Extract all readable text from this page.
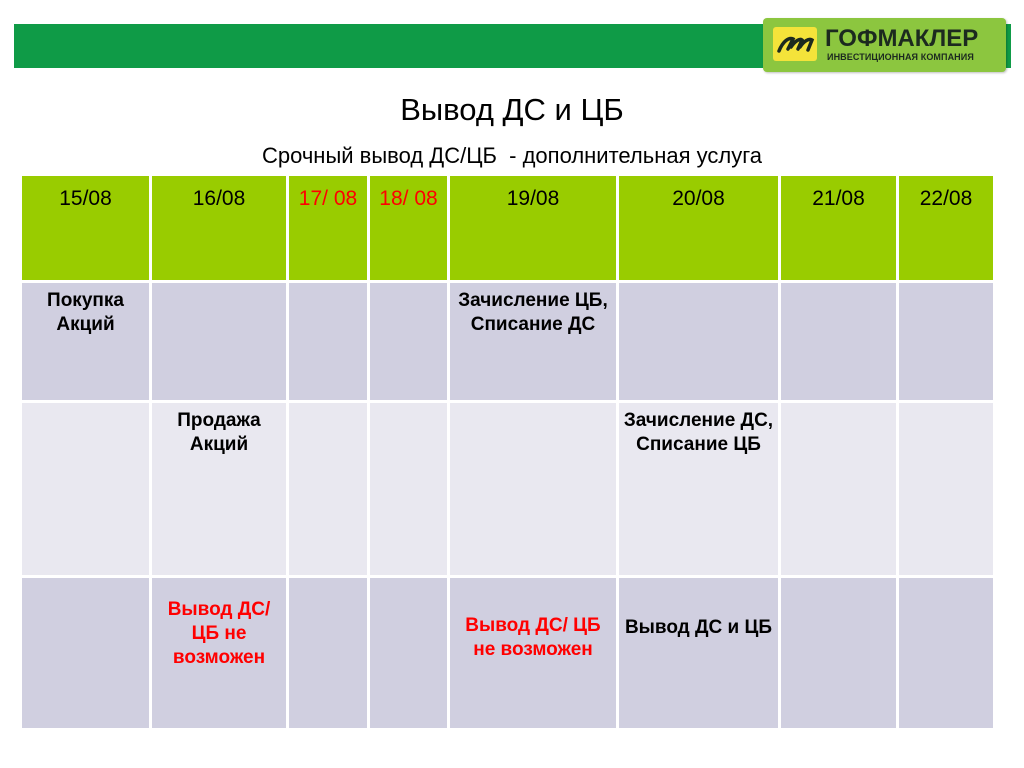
ГОФМАКЛЕР
ИНВЕСТИЦИОННАЯ КОМПАНИЯ
Вывод ДС и ЦБ
Срочный вывод ДС/ЦБ  - дополнительная услуга
15/08	16/08	17/ 08	18/ 08	19/08	20/08	21/08	22/08
Покупка Акций				Зачисление ЦБ, Списание ДС			
	Продажа Акций				Зачисление ДС, Списание ЦБ		
	Вывод ДС/ ЦБ не возможен			Вывод ДС/ ЦБ не возможен	Вывод ДС и ЦБ		
